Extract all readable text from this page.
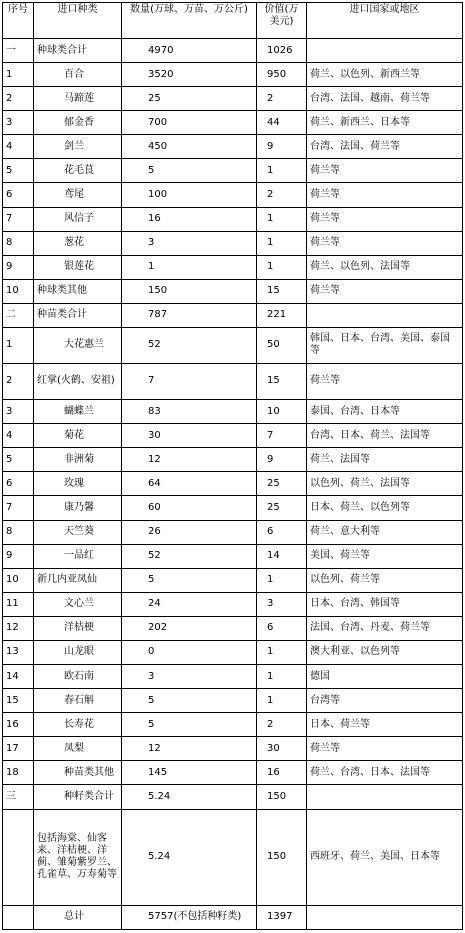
序号	进口种类	数量(万球、万苗、万公斤)	价值(万美元)	进口国家或地区
一	种球类合计	4970	1026	
1	百合	3520	950	荷兰、以色列、新西兰等
2	马蹄莲	25	2	台湾、法国、越南、荷兰等
3	郁金香	700	44	荷兰、新西兰、日本等
4	剑兰	450	9	台湾、法国、荷兰等
5	花毛茛	5	1	荷兰等
6	鸢尾	100	2	荷兰等
7	风信子	16	1	荷兰等
8	葱花	3	1	荷兰等
9	银莲花	1	1	荷兰、以色列、法国等
10	种球类其他	150	15	荷兰等
二	种苗类合计	787	221	
1	大花惠兰	52	50	韩国、日本、台湾、美国、泰国等
2	红掌(火鹤、安祖)	7	15	荷兰等
3	蝴蝶兰	83	10	泰国、台湾、日本等
4	菊花	30	7	台湾、日本、荷兰、法国等
5	非洲菊	12	9	荷兰、法国等
6	玫瑰	64	25	以色列、荷兰、法国等
7	康乃馨	60	25	日本、荷兰、以色列等
8	天竺葵	26	6	荷兰、意大利等
9	一品红	52	14	美国、荷兰等
10	新几内亚凤仙	5	1	以色列、荷兰等
11	文心兰	24	3	日本、台湾、韩国等
12	洋桔梗	202	6	法国、台湾、丹麦、荷兰等
13	山龙眼	0	1	澳大利亚、以色列等
14	欧石南	3	1	德国
15	春石斛	5	1	台湾等
16	长寿花	5	2	日本、荷兰等
17	凤梨	12	30	荷兰等
18	种苗类其他	145	16	荷兰、台湾、日本、法国等
三	种籽类合计	5.24	150	
	包括海棠、仙客来、洋桔梗、洋蓟、雏菊紫罗兰、孔雀草、万寿菊等	5.24	150	西班牙、荷兰、美国、日本等
	总计	5757(不包括种籽类)	1397	
